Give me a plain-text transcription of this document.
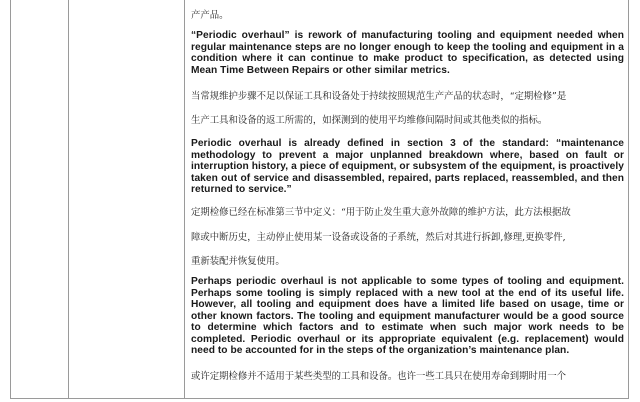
产产品。

“Periodic overhaul” is rework of manufacturing tooling and equipment needed when regular maintenance steps are no longer enough to keep the tooling and equipment in a condition where it can continue to make product to specification, as detected using Mean Time Between Repairs or other similar metrics.

当常规维护步骤不足以保证工具和设备处于持续按照规范生产产品的状态时，“定期检修”是

生产工具和设备的返工所需的，如探测到的使用平均维修间隔时间或其他类似的指标。

Periodic overhaul is already defined in section 3 of the standard: “maintenance methodology to prevent a major unplanned breakdown where, based on fault or interruption history, a piece of equipment, or subsystem of the equipment, is proactively taken out of service and disassembled, repaired, parts replaced, reassembled, and then returned to service.”

定期检修已经在标准第三节中定义：“用于防止发生重大意外故障的维护方法，此方法根据故

障或中断历史，主动停止使用某一设备或设备的子系统，然后对其进行拆卸,修理,更换零件,

重新装配并恢复使用。

Perhaps periodic overhaul is not applicable to some types of tooling and equipment. Perhaps some tooling is simply replaced with a new tool at the end of its useful life. However, all tooling and equipment does have a limited life based on usage, time or other known factors. The tooling and equipment manufacturer would be a good source to determine which factors and to estimate when such major work needs to be completed. Periodic overhaul or its appropriate equivalent (e.g. replacement) would need to be accounted for in the steps of the organization’s maintenance plan.

或许定期检修并不适用于某些类型的工具和设备。也许一些工具只在使用寿命到期时用一个
